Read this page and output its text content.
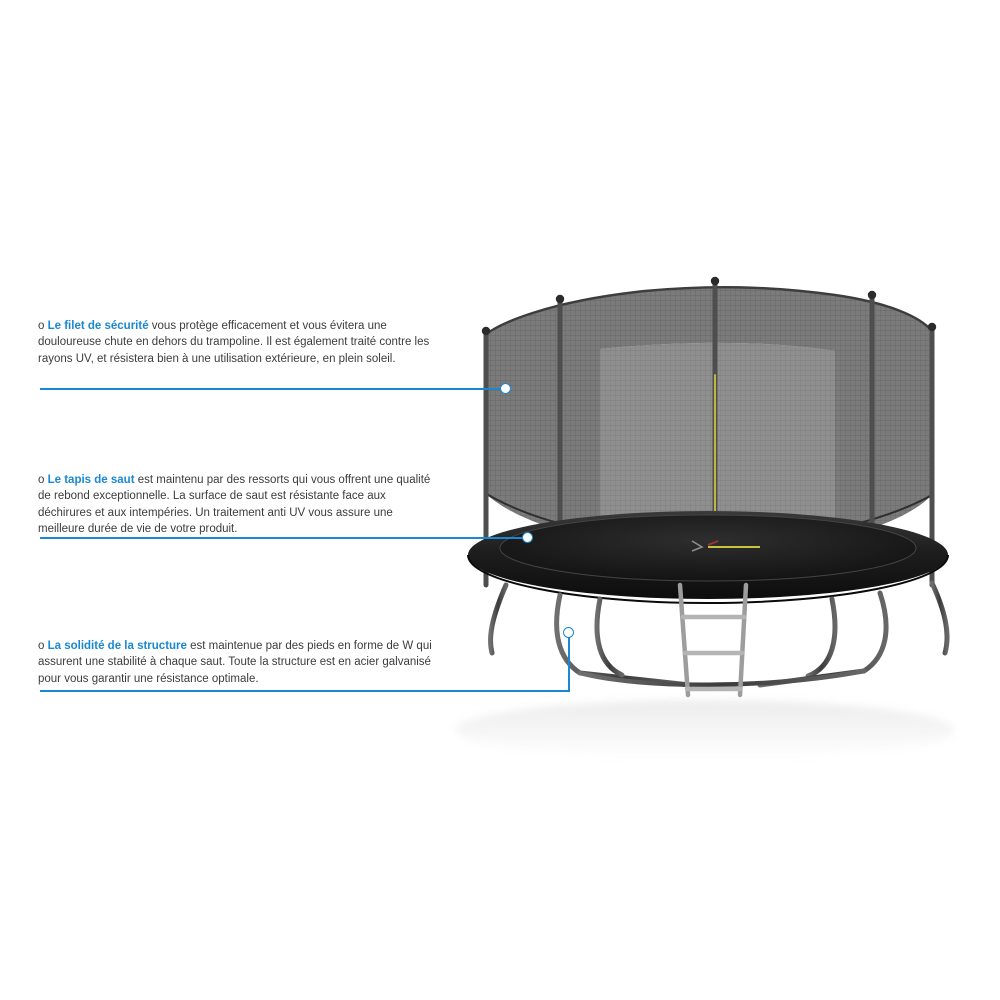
o Le filet de sécurité vous protège efficacement et vous évitera une douloureuse chute en dehors du trampoline. Il est également traité contre les rayons UV, et résistera bien à une utilisation extérieure, en plein soleil.
o Le tapis de saut est maintenu par des ressorts qui vous offrent une qualité de rebond exceptionnelle. La surface de saut est résistante face aux déchirures et aux intempéries. Un traitement anti UV vous assure une meilleure durée de vie de votre produit.
o La solidité de la structure est maintenue par des pieds en forme de W qui assurent une stabilité à chaque saut. Toute la structure est en acier galvanisé pour vous garantir une résistance optimale.
